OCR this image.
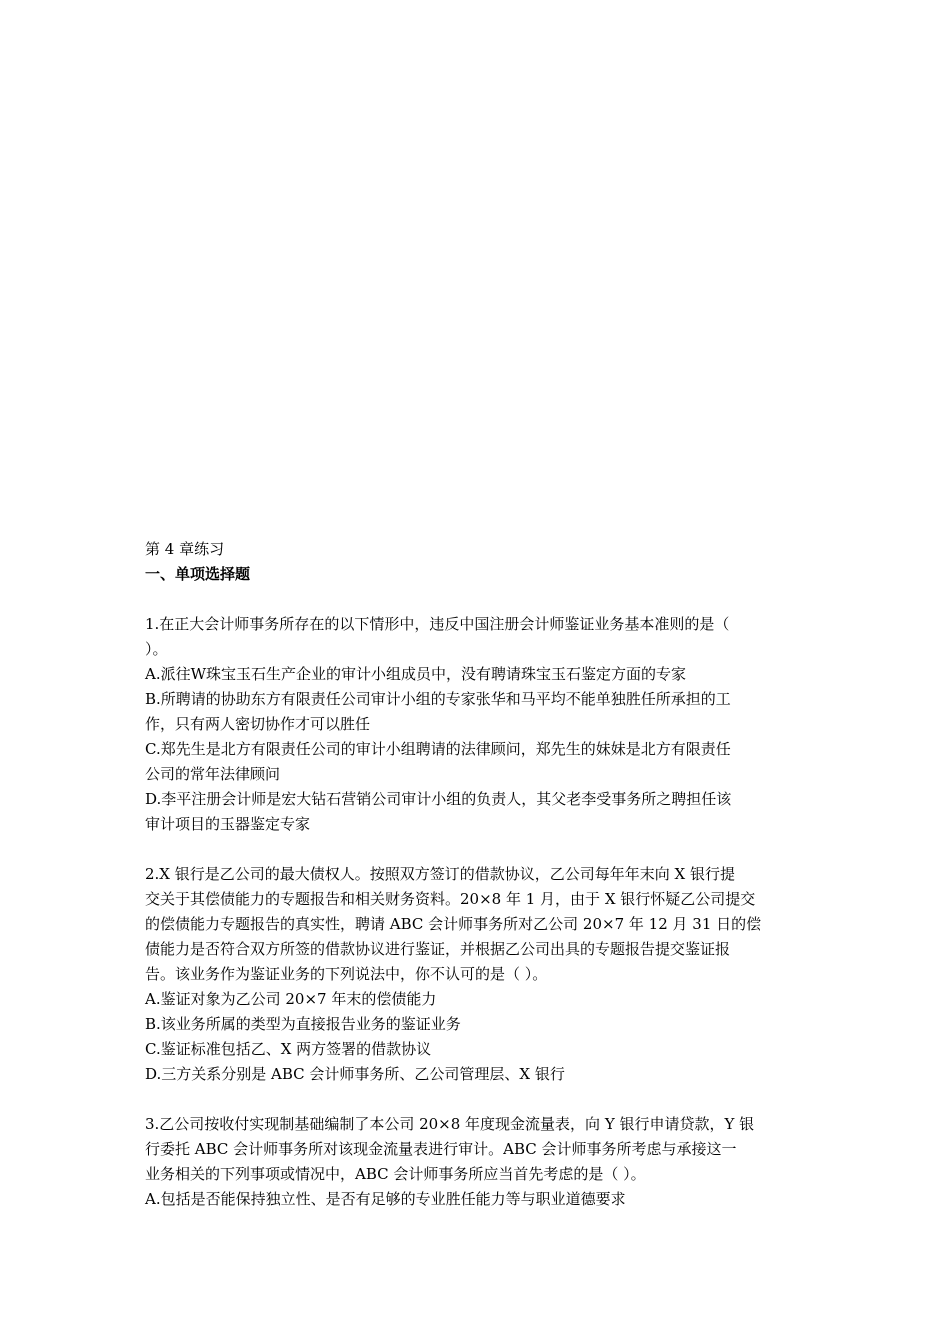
第 4 章练习
一、单项选择题
1.在正大会计师事务所存在的以下情形中，违反中国注册会计师鉴证业务基本准则的是（
）。
A.派往W珠宝玉石生产企业的审计小组成员中，没有聘请珠宝玉石鉴定方面的专家
B.所聘请的协助东方有限责任公司审计小组的专家张华和马平均不能单独胜任所承担的工
作，只有两人密切协作才可以胜任
C.郑先生是北方有限责任公司的审计小组聘请的法律顾问，郑先生的妹妹是北方有限责任
公司的常年法律顾问
D.李平注册会计师是宏大钻石营销公司审计小组的负责人，其父老李受事务所之聘担任该
审计项目的玉器鉴定专家
2.X 银行是乙公司的最大债权人。按照双方签订的借款协议，乙公司每年年末向 X 银行提
交关于其偿债能力的专题报告和相关财务资料。20×8 年 1 月，由于 X 银行怀疑乙公司提交
的偿债能力专题报告的真实性，聘请 ABC 会计师事务所对乙公司 20×7 年 12 月 31 日的偿
债能力是否符合双方所签的借款协议进行鉴证，并根据乙公司出具的专题报告提交鉴证报
告。该业务作为鉴证业务的下列说法中，你不认可的是（ ）。
A.鉴证对象为乙公司 20×7 年末的偿债能力
B.该业务所属的类型为直接报告业务的鉴证业务
C.鉴证标准包括乙、X 两方签署的借款协议
D.三方关系分别是 ABC 会计师事务所、乙公司管理层、X 银行
3.乙公司按收付实现制基础编制了本公司 20×8 年度现金流量表，向 Y 银行申请贷款，Y 银
行委托 ABC 会计师事务所对该现金流量表进行审计。ABC 会计师事务所考虑与承接这一
业务相关的下列事项或情况中，ABC 会计师事务所应当首先考虑的是（ ）。
A.包括是否能保持独立性、是否有足够的专业胜任能力等与职业道德要求
